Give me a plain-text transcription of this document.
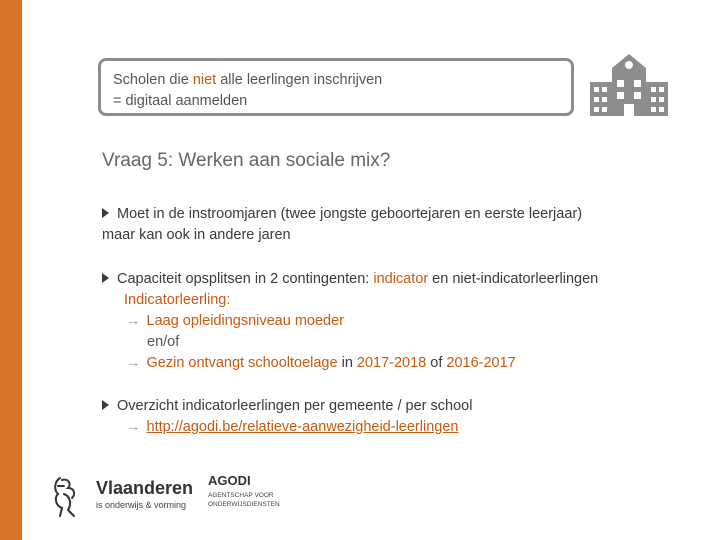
Scholen die niet alle leerlingen inschrijven
= digitaal aanmelden
Vraag 5: Werken aan sociale mix?
Moet in de instroomjaren (twee jongste geboortejaren en eerste leerjaar)
maar kan ook in andere jaren
Capaciteit opsplitsen in 2 contingenten: indicator en niet-indicatorleerlingen
Indicatorleerling:
→ Laag opleidingsniveau moeder
en/of
→ Gezin ontvangt schooltoelage in 2017-2018 of 2016-2017
Overzicht indicatorleerlingen per gemeente / per school
→ http://agodi.be/relatieve-aanwezigheid-leerlingen
Vlaanderen
is onderwijs & vorming
AGODI
AGENTSCHAP VOOR
ONDERWIJSDIENSTEN
